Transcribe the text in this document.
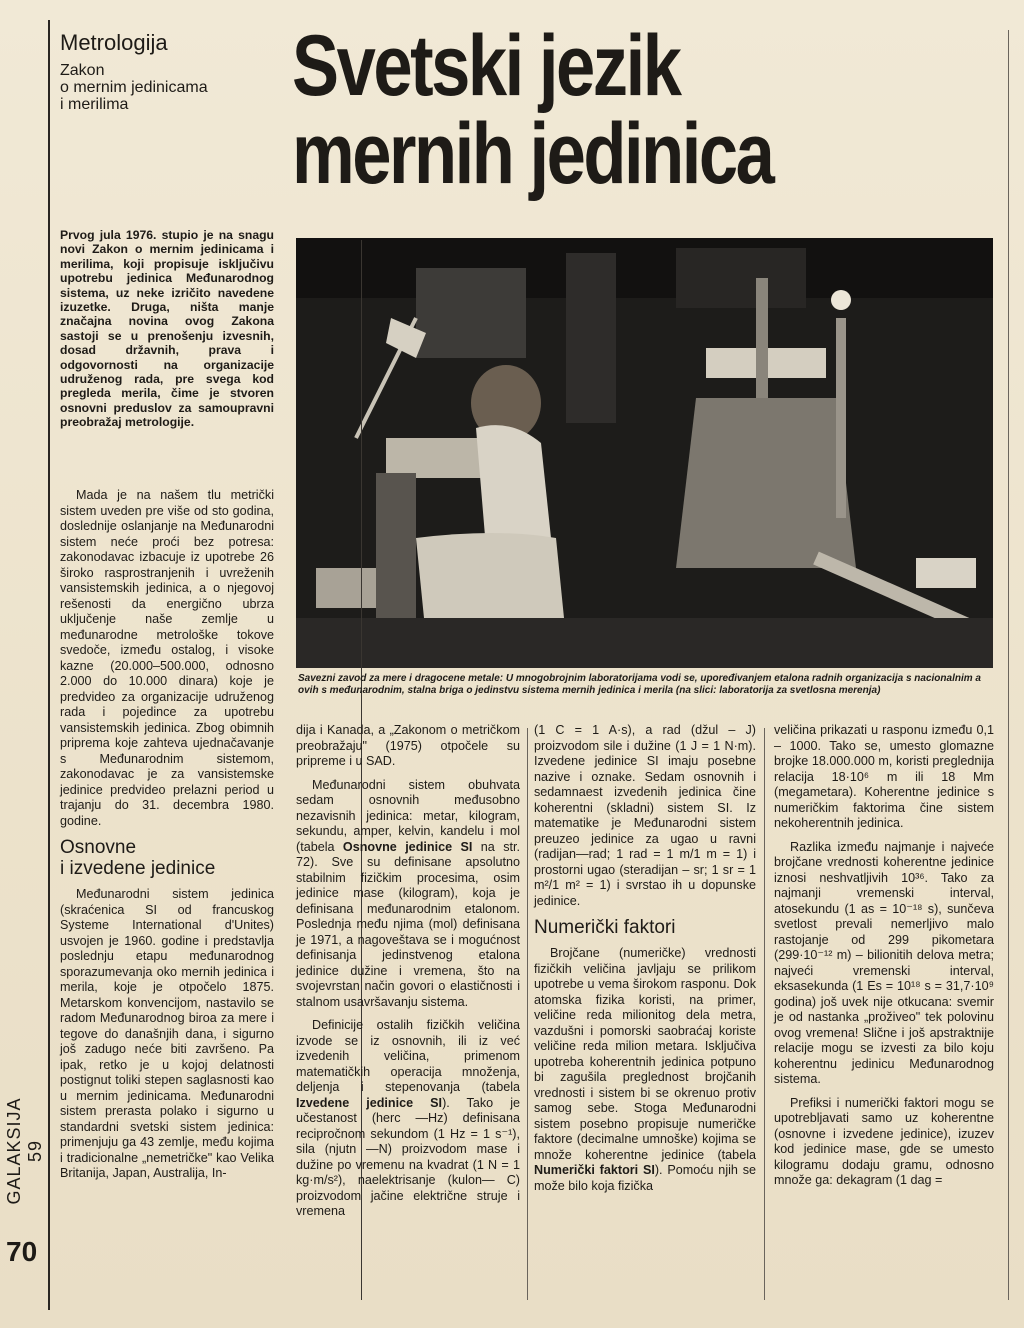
Metrologija
Zakon
o mernim jedinicama
i merilima	Svetski jezik
mernih jedinica
Prvog jula 1976. stupio je na snagu novi Zakon o mernim jedinicama i merilima, koji propisuje isključivu upotrebu jedinica Međunarodnog sistema, uz neke izričito navedene izuzetke. Druga, ništa manje značajna novina ovog Zakona sastoji se u prenošenju izvesnih, dosad državnih, prava i odgovornosti na organizacije udruženog rada, pre svega kod pregleda merila, čime je stvoren osnovni preduslov za samoupravni preobražaj metrologije.

Mada je na našem tlu metrički sistem uveden pre više od sto godina, doslednije oslanjanje na Međunarodni sistem neće proći bez potresa: zakonodavac izbacuje iz upotrebe 26 široko rasprostranjenih i uvreženih vansistemskih jedinica, a o njegovoj rešenosti da energično ubrza uključenje naše zemlje u međunarodne metrološke tokove svedoče, između ostalog, i visoke kazne (20.000–500.000, odnosno 2.000 do 10.000 dinara) koje je predvideo za organizacije udruženog rada i pojedince za upotrebu vansistemskih jedinica. Zbog obimnih priprema koje zahteva ujednačavanje s Međunarodnim sistemom, zakonodavac je za vansistemske jedinice predvideo prelazni period u trajanju do 31. decembra 1980. godine.

Osnovne
i izvedene jedinice

Međunarodni sistem jedinica (skraćenica SI od francuskog Systeme International d'Unites) usvojen je 1960. godine i predstavlja poslednju etapu međunarodnog sporazumevanja oko mernih jedinica i merila, koje je otpočelo 1875. Metarskom konvencijom, nastavilo se radom Međunarodnog biroa za mere i tegove do današnjih dana, i sigurno još zadugo neće biti završeno. Pa ipak, retko je u kojoj delatnosti postignut toliki stepen saglasnosti kao u mernim jedinicama. Međunarodni sistem prerasta polako i sigurno u standardni svetski sistem jedinica: primenjuju ga 43 zemlje, među kojima i tradicionalne „nemetričke" kao Velika Britanija, Japan, Australija, In-

Savezni zavod za mere i dragocene metale: U mnogobrojnim laboratorijama vodi se, upoređivanjem etalona radnih organizacija s nacionalnim a ovih s međunarodnim, stalna briga o jedinstvu sistema mernih jedinica i merila (na slici: laboratorija za svetlosna merenja)

dija i Kanada, a „Zakonom o metričkom preobražaju" (1975) otpočele su pripreme i u SAD.

Međunarodni sistem obuhvata sedam osnovnih međusobno nezavisnih jedinica: metar, kilogram, sekundu, amper, kelvin, kandelu i mol (tabela Osnovne jedinice SI na str. 72). Sve su definisane apsolutno stabilnim fizičkim procesima, osim jedinice mase (kilogram), koja je definisana međunarodnim etalonom. Poslednja među njima (mol) definisana je 1971, a nagoveštava se i mogućnost definisanja jedinstvenog etalona jedinice dužine i vremena, što na svojevrstan način govori o elastičnosti i stalnom usavršavanju sistema.

Definicije ostalih fizičkih veličina izvode se iz osnovnih, ili iz već izvedenih veličina, primenom matematičkih operacija množenja, deljenja i stepenovanja (tabela Izvedene jedinice SI). Tako je učestanost (herc —Hz) definisana recipročnom sekundom (1 Hz = 1 s⁻¹), sila (njutn —N) proizvodom mase i dužine po vremenu na kvadrat (1 N = 1 kg·m/s²), naelektrisanje (kulon— C) proizvodom jačine električne struje i vremena

(1 C = 1 A·s), a rad (džul – J) proizvodom sile i dužine (1 J = 1 N·m). Izvedene jedinice SI imaju posebne nazive i oznake. Sedam osnovnih i sedamnaest izvedenih jedinica čine koherentni (skladni) sistem SI. Iz matematike je Međunarodni sistem preuzeo jedinice za ugao u ravni (radijan—rad; 1 rad = 1 m/1 m = 1) i prostorni ugao (steradijan – sr; 1 sr = 1 m²/1 m² = 1) i svrstao ih u dopunske jedinice.

Numerički faktori

Brojčane (numeričke) vrednosti fizičkih veličina javljaju se prilikom upotrebe u vema širokom rasponu. Dok atomska fizika koristi, na primer, veličine reda milionitog dela metra, vazdušni i pomorski saobraćaj koriste veličine reda milion metara. Isključiva upotreba koherentnih jedinica potpuno bi zagušila preglednost brojčanih vrednosti i sistem bi se okrenuo protiv samog sebe. Stoga Međunarodni sistem posebno propisuje numeričke faktore (decimalne umnoške) kojima se množe koherentne jedinice (tabela Numerički faktori SI). Pomoću njih se može bilo koja fizička

veličina prikazati u rasponu između 0,1 – 1000. Tako se, umesto glomazne brojke 18.000.000 m, koristi preglednija relacija 18·10⁶ m ili 18 Mm (megametara). Koherentne jedinice s numeričkim faktorima čine sistem nekoherentnih jedinica.

Razlika između najmanje i najveće brojčane vrednosti koherentne jedinice iznosi neshvatljivih 10³⁶. Tako za najmanji vremenski interval, atosekundu (1 as = 10⁻¹⁸ s), sunčeva svetlost prevali nemerljivo malo rastojanje od 299 pikometara (299·10⁻¹² m) – bilionitih delova metra; najveći vremenski interval, eksasekunda (1 Es = 10¹⁸ s = 31,7·10⁹ godina) još uvek nije otkucana: svemir je od nastanka „proživeo" tek polovinu ovog vremena! Slične i još apstraktnije relacije mogu se izvesti za bilo koju koherentnu jedinicu Međunarodnog sistema.

Prefiksi i numerički faktori mogu se upotrebljavati samo uz koherentne (osnovne i izvedene jedinice), izuzev kod jedinice mase, gde se umesto kilogramu dodaju gramu, odnosno množe ga: dekagram (1 dag =

GALAKSIJA 59
70
